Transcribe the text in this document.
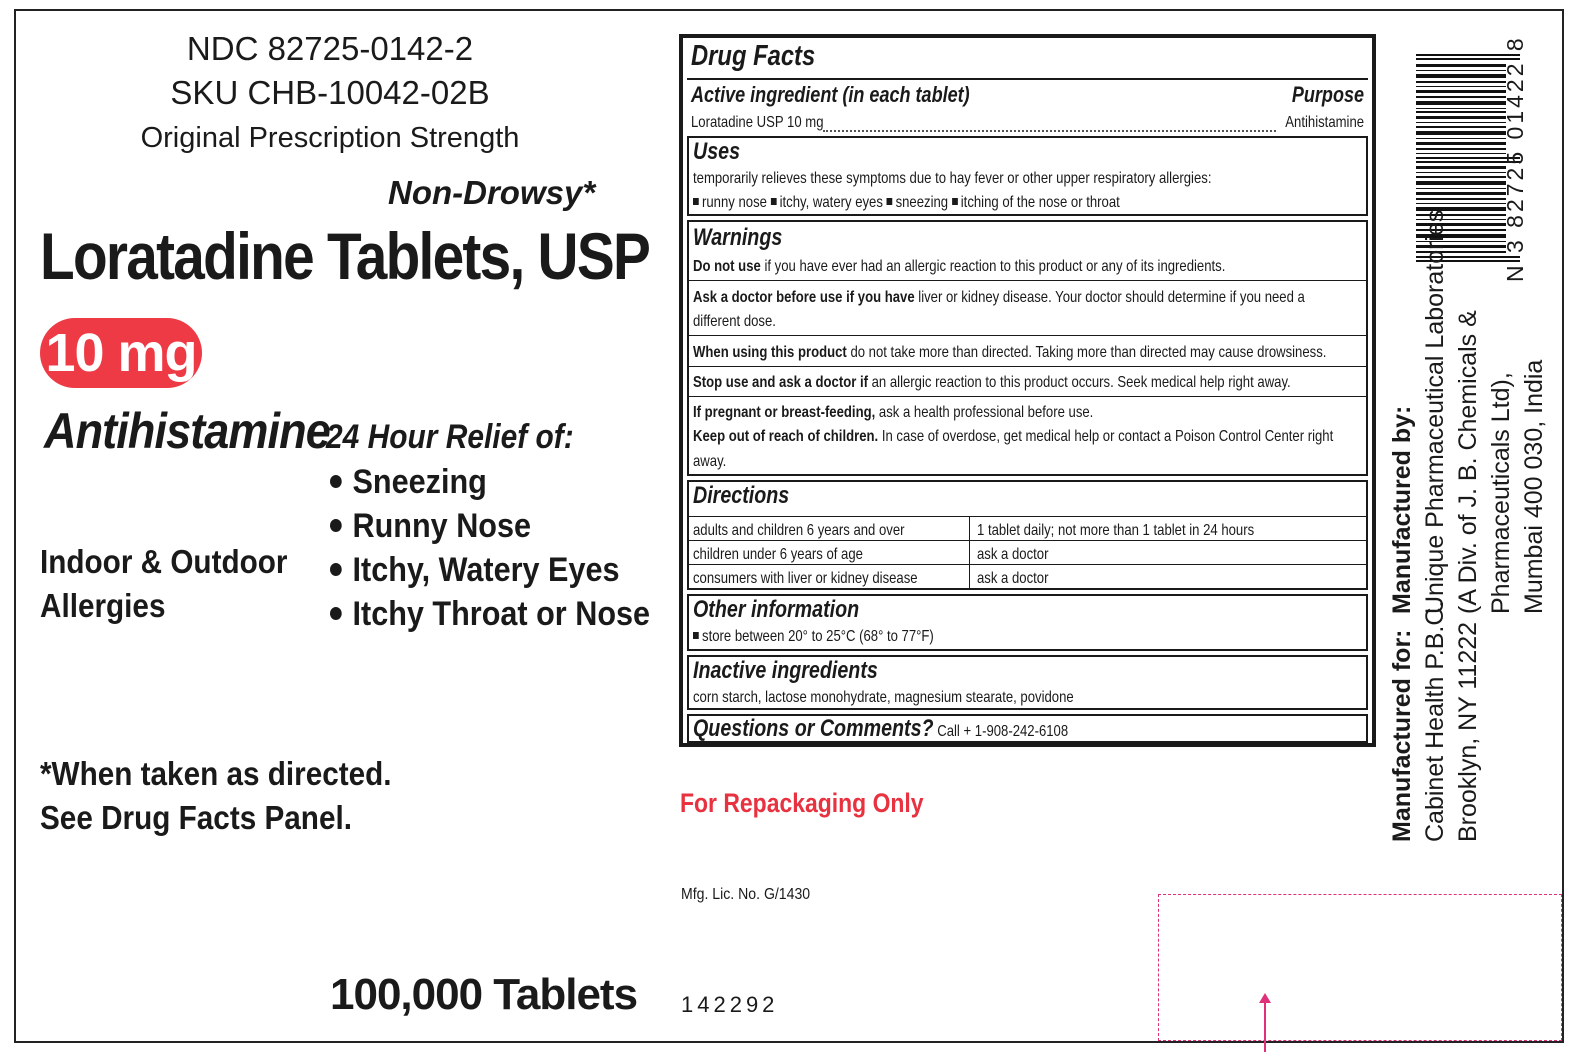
NDC 82725-0142-2
SKU CHB-10042-02B
Original Prescription Strength
Non-Drowsy*
Loratadine Tablets, USP
10 mg
Antihistamine
24 Hour Relief of:
Sneezing
Runny Nose
Itchy, Watery Eyes
Itchy Throat or Nose
Indoor & Outdoor
Allergies
*When taken as directed.
See Drug Facts Panel.
100,000 Tablets
Drug Facts
Active ingredient (in each tablet)	Purpose
Loratadine USP 10 mg	Antihistamine
Uses
temporarily relieves these symptoms due to hay fever or other upper respiratory allergies:
runny nose itchy, watery eyes sneezing itching of the nose or throat
Warnings
Do not use if you have ever had an allergic reaction to this product or any of its ingredients.
Ask a doctor before use if you have liver or kidney disease. Your doctor should determine if you need a
different dose.
When using this product do not take more than directed. Taking more than directed may cause drowsiness.
Stop use and ask a doctor if an allergic reaction to this product occurs. Seek medical help right away.
If pregnant or breast-feeding, ask a health professional before use.
Keep out of reach of children. In case of overdose, get medical help or contact a Poison Control Center right
away.
Directions
adults and children 6 years and over	1 tablet daily; not more than 1 tablet in 24 hours
children under 6 years of age	ask a doctor
consumers with liver or kidney disease	ask a doctor
Other information
store between 20° to 25°C (68° to 77°F)
Inactive ingredients
corn starch, lactose monohydrate, magnesium stearate, povidone
Questions or Comments? Call + 1-908-242-6108
For Repackaging Only
Mfg. Lic. No. G/1430
142292
N 3 82725 01422 8
Manufactured by: Unique Pharmaceutical Laboratories (A Div. of J. B. Chemicals & Pharmaceuticals Ltd), Mumbai 400 030, India
Manufactured for: Cabinet Health P.B.C. Brooklyn, NY 11222
